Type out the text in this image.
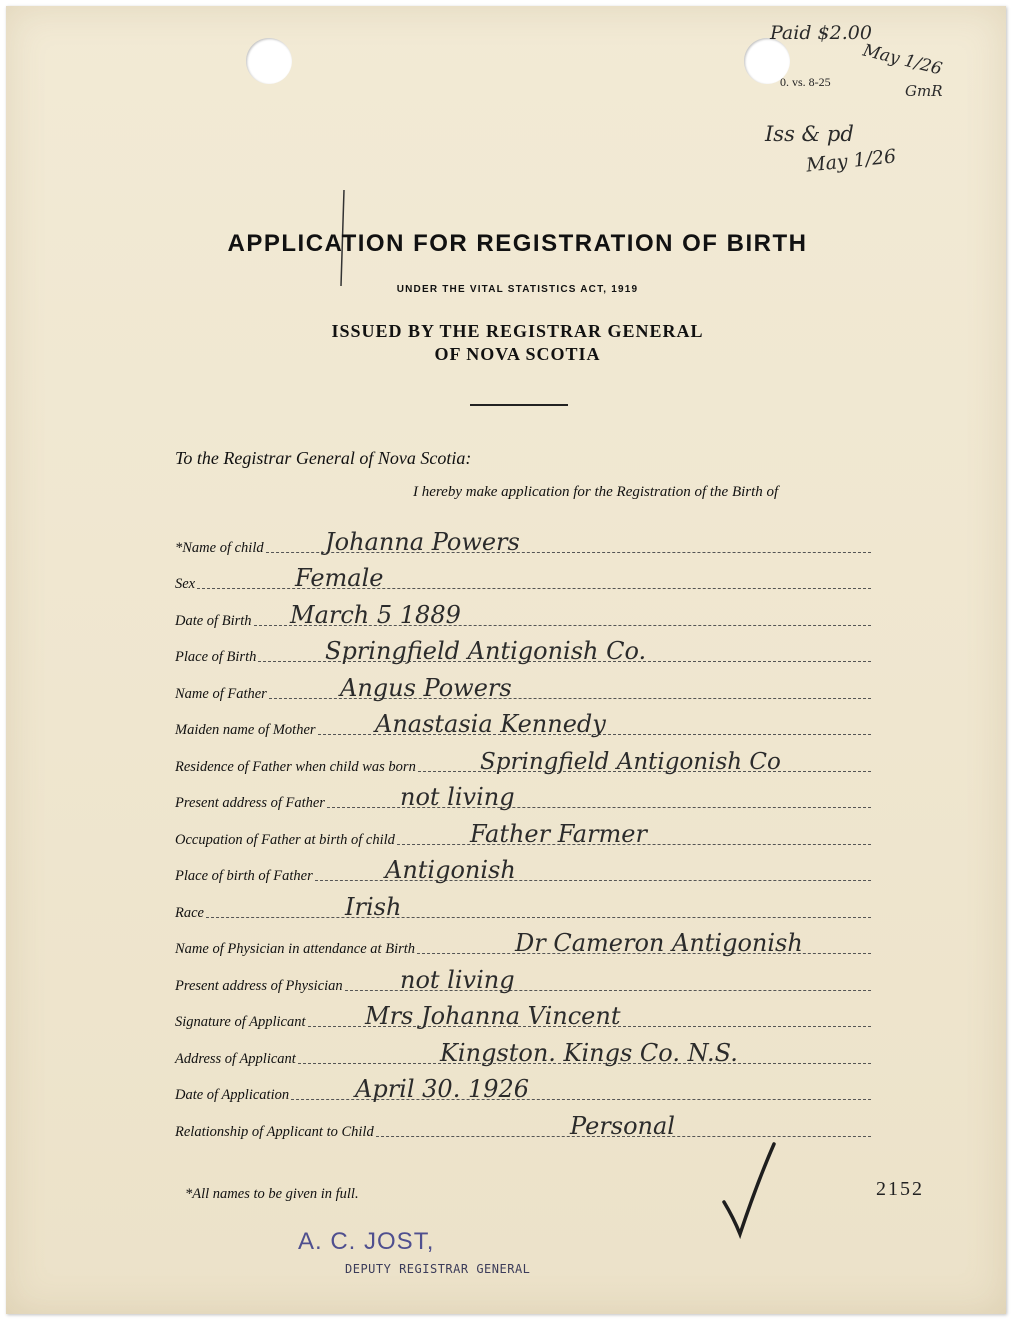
Paid $2.00
May 1/26
GmR
0. vs. 8-25
Iss & pd
May 1/26
APPLICATION FOR REGISTRATION OF BIRTH
UNDER THE VITAL STATISTICS ACT, 1919
ISSUED BY THE REGISTRAR GENERAL
OF NOVA SCOTIA
To the Registrar General of Nova Scotia:
I hereby make application for the Registration of the Birth of
*Name of child	Johanna Powers
Sex	Female
Date of Birth March 5 1889
Place of Birth	Springfield Antigonish Co.
Name of Father	Angus Powers
Maiden name of Mother Anastasia Kennedy
Residence of Father when child was born	Springfield Antigonish Co
Present address of Father	not living
Occupation of Father at birth of child	Father Farmer
Place of birth of Father	Antigonish
Race	Irish
Name of Physician in attendance at Birth	Dr Cameron Antigonish
Present address of Physician not living
Signature of Applicant Mrs Johanna Vincent
Address of Applicant	Kingston. Kings Co. N.S.
Date of Application	April 30. 1926
Relationship of Applicant to Child	Personal
*All names to be given in full.	2152
A. C. JOST,
DEPUTY REGISTRAR GENERAL
